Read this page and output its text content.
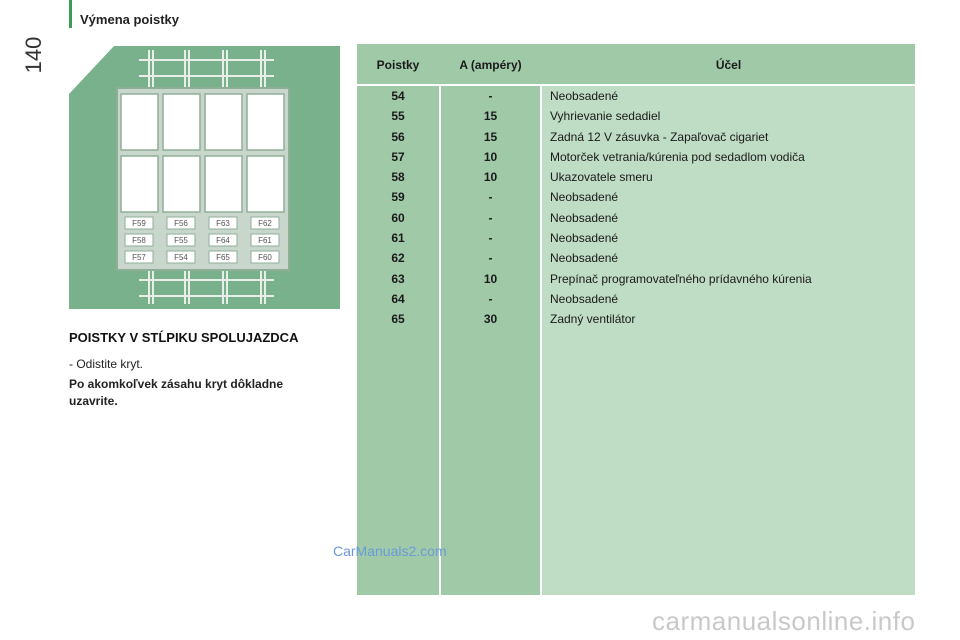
Výmena poistky
140
F59	F56	F63	F62
F58	F55	F64	F61
F57	F54	F65	F60
POISTKY V STĹPIKU SPOLUJAZDCA
- Odistite kryt.
Po akomkoľvek zásahu kryt dôkladne uzavrite.
Poistky	A (ampéry)	Účel
54	-	Neobsadené
55	15	Vyhrievanie sedadiel
56	15	Zadná 12 V zásuvka - Zapaľovač cigariet
57	10	Motorček vetrania/kúrenia pod sedadlom vodiča
58	10	Ukazovatele smeru
59	-	Neobsadené
60	-	Neobsadené
61	-	Neobsadené
62	-	Neobsadené
63	10	Prepínač programovateľného prídavného kúrenia
64	-	Neobsadené
65	30	Zadný ventilátor
CarManuals2.com
carmanualsonline.info
